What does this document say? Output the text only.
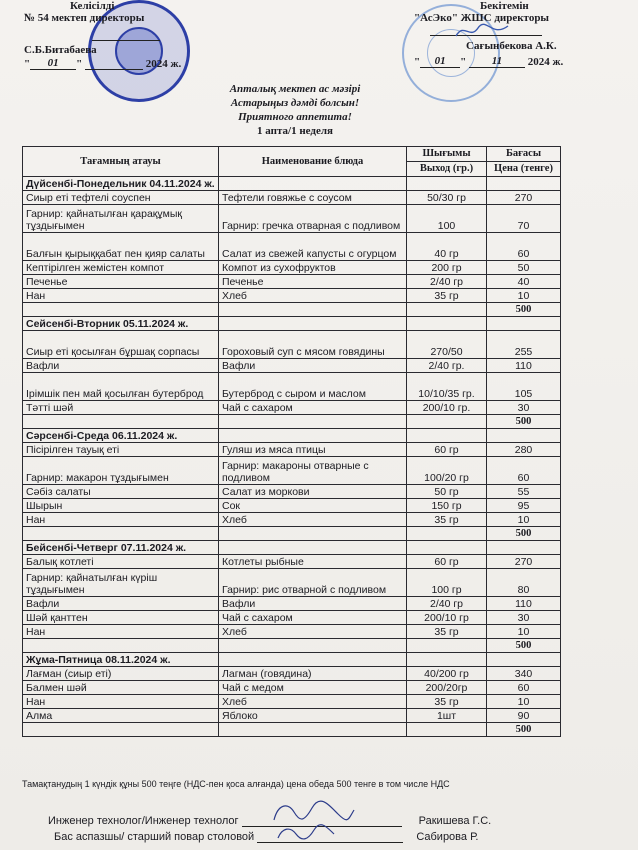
Келісілді
№ 54 мектеп директоры
С.Б.Битабаева
" 01 "	2024 ж.
Бекітемін
"АсЭко" ЖШС директоры
Сағынбекова А.К.
" 01 " 11 2024 ж.
Апталық мектеп ас мәзірі
Астарыңыз дәмді болсын!
Приятного аппетита!
1 апта/1 неделя
Тағамның атауы	Наименование блюда	Шығымы	Бағасы
		Выход (гр.)	Цена (тенге)
Дүйсенбі-Понедельник 04.11.2024 ж.			
Сиыр еті тефтелі соуспен	Тефтели говяжье с соусом	50/30 гр	270
Гарнир: қайнатылған қарақұмық тұздығымен	Гарнир: гречка отварная с подливом	100	70
Балғын қырыққабат пен қияр салаты	Салат из свежей капусты с огурцом	40 гр	60
Кептірілген жемістен компот	Компот из сухофруктов	200 гр	50
Печенье	Печенье	2/40 гр	40
Нан	Хлеб	35 гр	10
			500
Сейсенбі-Вторник 05.11.2024 ж.			
Сиыр еті қосылған бұршақ сорпасы	Гороховый суп с мясом говядины	270/50	255
Вафли	Вафли	2/40 гр.	110
Ірімшік пен май қосылған бутерброд	Бутерброд с сыром и маслом	10/10/35 гр.	105
Тәтті шәй	Чай с сахаром	200/10 гр.	30
			500
Сәрсенбі-Среда 06.11.2024 ж.			
Пісірілген тауық еті	Гуляш из мяса птицы	60 гр	280
Гарнир: макарон тұздығымен	Гарнир: макароны отварные с подливом	100/20 гр	60
Сәбіз салаты	Салат из моркови	50 гр	55
Шырын	Сок	150 гр	95
Нан	Хлеб	35 гр	10
			500
Бейсенбі-Четверг 07.11.2024 ж.			
Балық котлеті	Котлеты рыбные	60 гр	270
Гарнир: қайнатылған күріш тұздығымен	Гарнир: рис отварной с подливом	100 гр	80
Вафли	Вафли	2/40 гр	110
Шәй қанттен	Чай с сахаром	200/10 гр	30
Нан	Хлеб	35 гр	10
			500
Жұма-Пятница 08.11.2024 ж.			
Лағман (сиыр еті)	Лагман (говядина)	40/200 гр	340
Балмен шәй	Чай с медом	200/20гр	60
Нан	Хлеб	35 гр	10
Алма	Яблоко	1шт	90
			500
Тамақтанудың 1 күндік құны 500 теңге (НДС-пен қоса алғанда) цена обеда 500 тенге в том числе НДС
Инженер технолог/Инженер технолог	Ракишева Г.С.
Бас аспазшы/ старший повар столовой	Сабирова Р.
